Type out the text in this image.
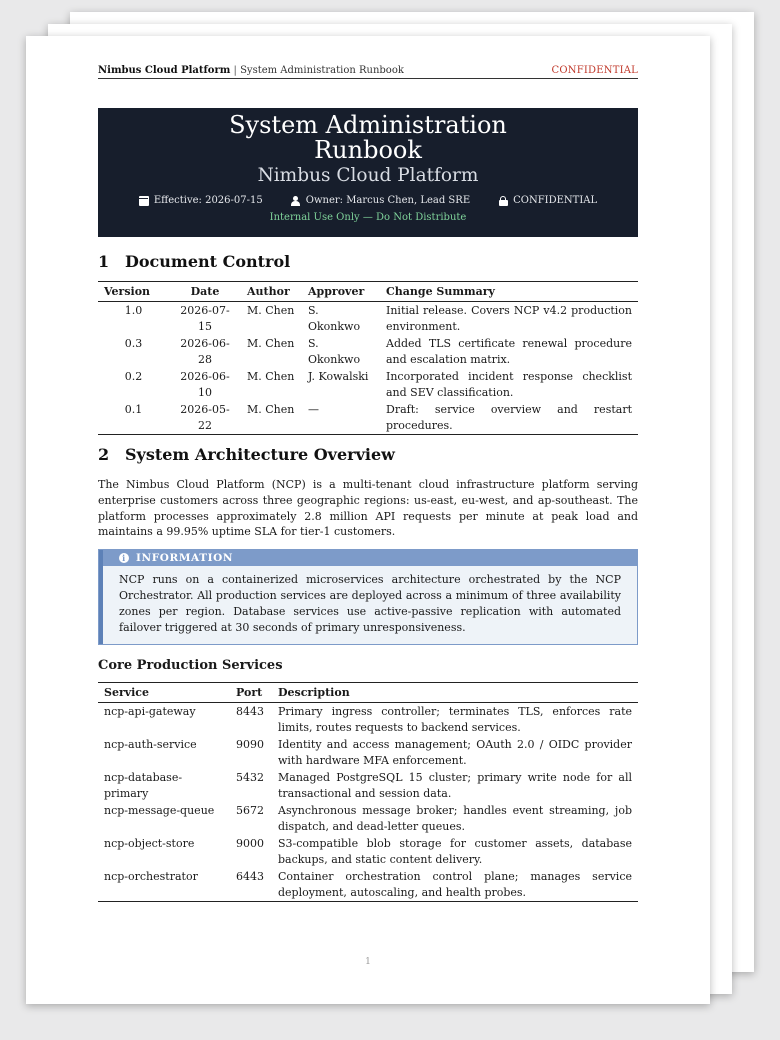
Nimbus Cloud Platform | System Administration Runbook	CONFIDENTIAL
System Administration
Runbook
Nimbus Cloud Platform
Effective: 2026-07-15	Owner: Marcus Chen, Lead SRE	CONFIDENTIAL
Internal Use Only — Do Not Distribute
1 Document Control
Version	Date	Author	Approver	Change Summary
1.0	2026-07-15	M. Chen	S. Okonkwo	Initial release. Covers NCP v4.2 production environment.
0.3	2026-06-28	M. Chen	S. Okonkwo	Added TLS certificate renewal procedure and escalation matrix.
0.2	2026-06-10	M. Chen	J. Kowalski	Incorporated incident response checklist and SEV classification.
0.1	2026-05-22	M. Chen	—	Draft: service overview and restart procedures.
2 System Architecture Overview

The Nimbus Cloud Platform (NCP) is a multi-tenant cloud infrastructure platform serving enterprise customers across three geographic regions: us-east, eu-west, and ap-southeast. The platform processes approximately 2.8 million API requests per minute at peak load and maintains a 99.95% uptime SLA for tier-1 customers.

i INFORMATION
NCP runs on a containerized microservices architecture orchestrated by the NCP Orchestrator. All production services are deployed across a minimum of three availability zones per region. Database services use active-passive replication with automated failover triggered at 30 seconds of primary unresponsiveness.
Core Production Services
Service	Port	Description
ncp-api-gateway	8443	Primary ingress controller; terminates TLS, enforces rate limits, routes requests to backend services.
ncp-auth-service	9090	Identity and access management; OAuth 2.0 / OIDC provider with hardware MFA enforcement.
ncp-database-primary	5432	Managed PostgreSQL 15 cluster; primary write node for all transactional and session data.
ncp-message-queue	5672	Asynchronous message broker; handles event streaming, job dispatch, and dead-letter queues.
ncp-object-store	9000	S3-compatible blob storage for customer assets, database backups, and static content delivery.
ncp-orchestrator	6443	Container orchestration control plane; manages service deployment, autoscaling, and health probes.
1
